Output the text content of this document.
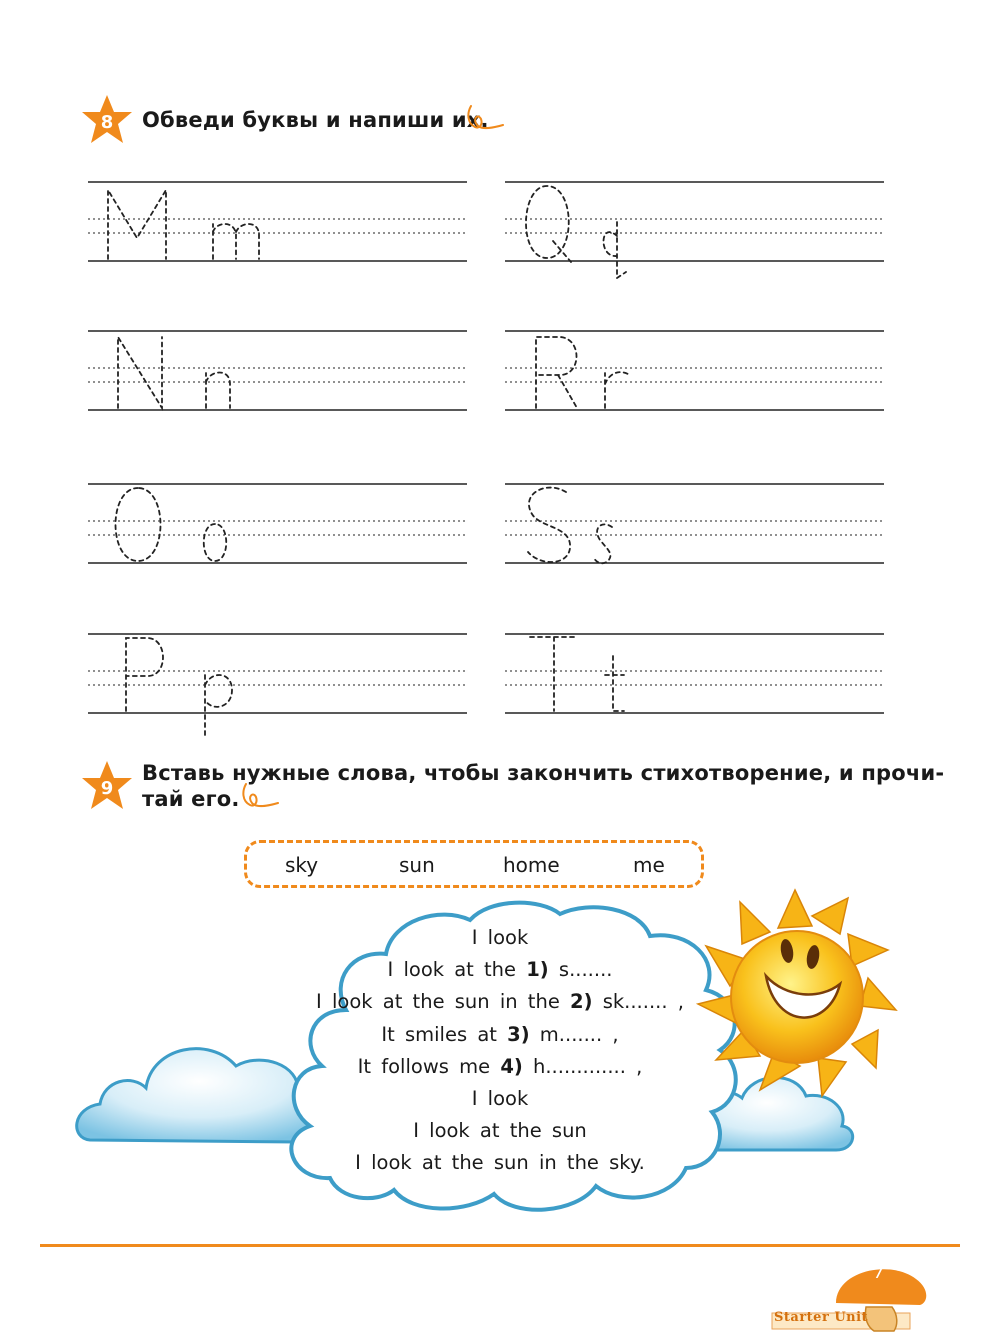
8	Обведи буквы и напиши их.
9
Вставь нужные слова, чтобы закончить стихотворение, и прочи-
тай его.
sky	sun	home	me
I look
I look at the 1) s.......
I look at the sun in the 2) sk....... ,
It smiles at 3) m....... ,
It follows me 4) h............. ,
I look
I look at the sun
I look at the sun in the sky.
7
Starter Unit
